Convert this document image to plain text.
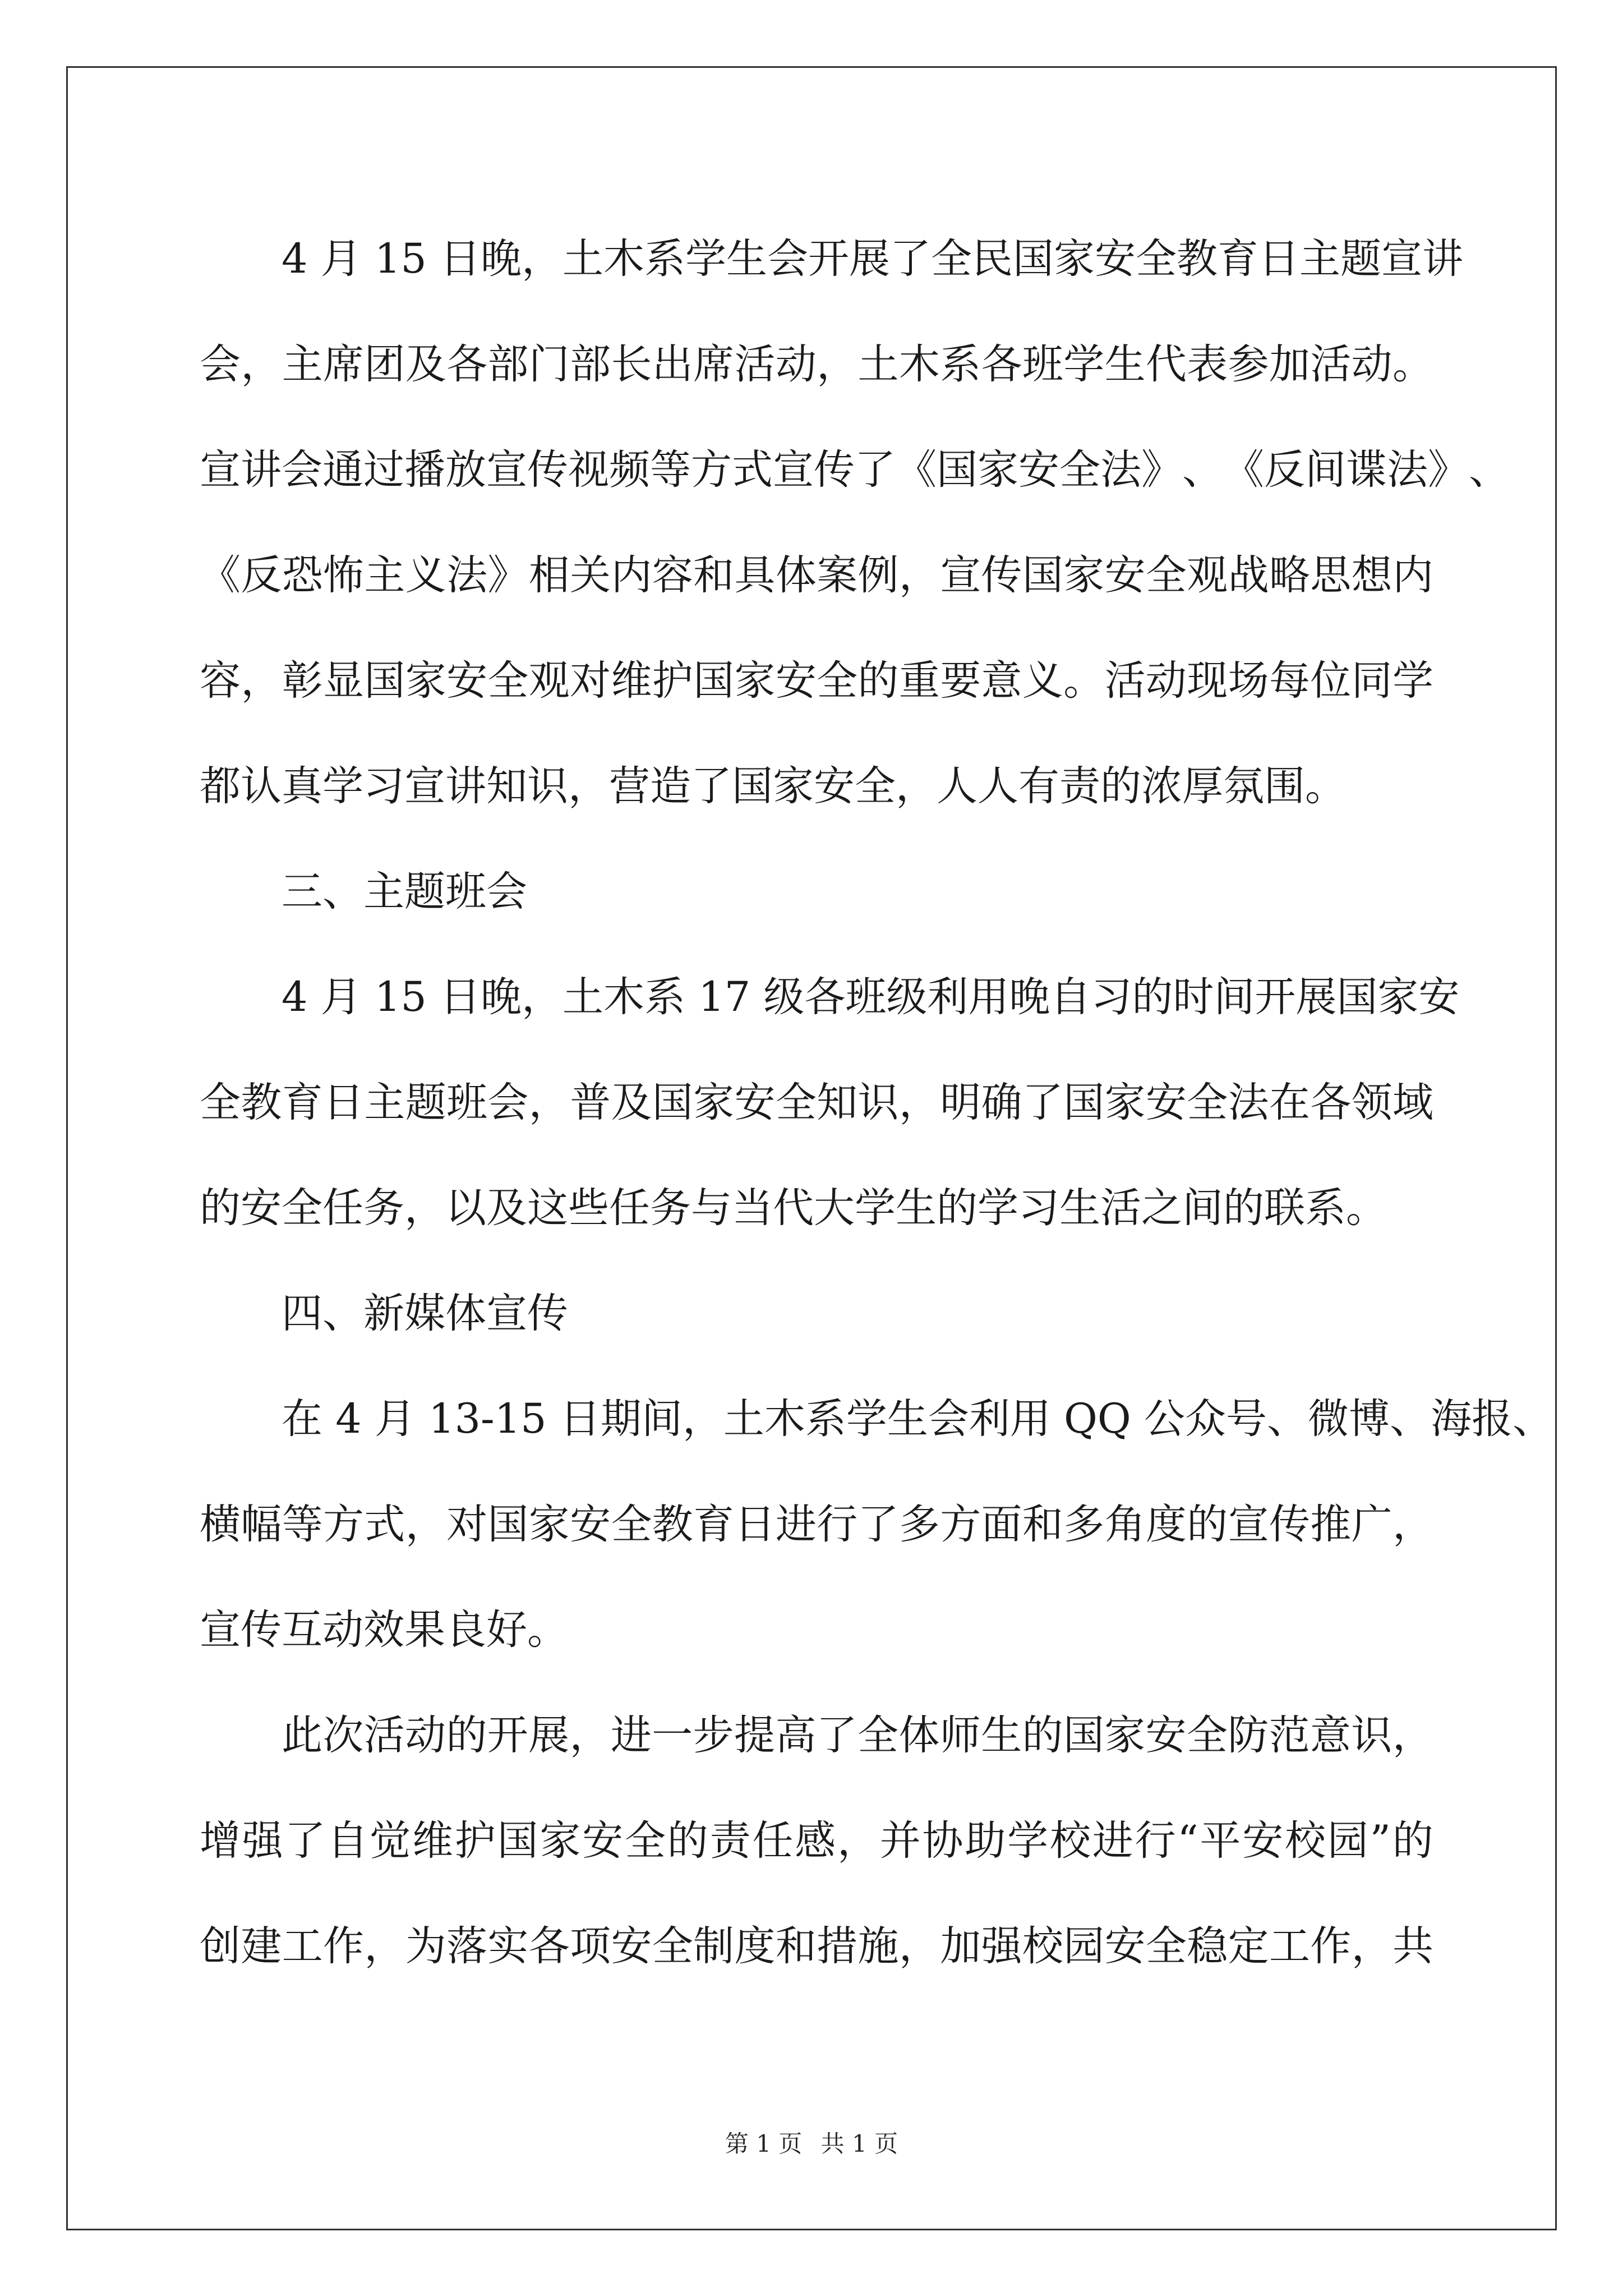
4
月
1 5
日 晚 ， 土 木 系 学 生 会 开 展 了 全 民 国 家 安 全 教 育 日 主 题 宣 讲
会 ， 主 席 团 及 各 部 门 部 长 出 席 活 动 ， 土 木 系 各 班 学 生 代 表 参 加 活 动 。
宣 讲 会 通 过 播 放 宣 传 视 频 等 方 式 宣 传 了 《 国 家 安 全 法 》 、 《 反 间 谍 法 》 、
《 反 恐 怖 主 义 法 》 相 关 内 容 和 具 体 案 例 ， 宣 传 国 家 安 全 观 战 略 思 想 内
容 ， 彰 显 国 家 安 全 观 对 维 护 国 家 安 全 的 重 要 意 义 。 活 动 现 场 每 位 同 学
都认真学习宣讲知识，营造了国家安全，人人有责的浓厚氛围。
三、主题班会
4
月
1 5
日 晚 ， 土 木 系
1 7
级 各 班 级 利 用 晚 自 习 的 时 间 开 展 国 家 安
全 教 育 日 主 题 班 会 ， 普 及 国 家 安 全 知 识 ， 明 确 了 国 家 安 全 法 在 各 领 域
的安全任务，以及这些任务与当代大学生的学习生活之间的联系。
四、新媒体宣传
在
4
月
1 3 - 1 5
日 期 间 ， 土 木 系 学 生 会 利 用
Q Q
公 众 号 、 微 博 、 海 报 、
横 幅 等 方 式 ， 对 国 家 安 全 教 育 日 进 行 了 多 方 面 和 多 角 度 的 宣 传 推 广 ，
宣传互动效果良好。
此 次 活 动 的 开 展 ， 进 一 步 提 高 了 全 体 师 生 的 国 家 安 全 防 范 意 识 ，
增 强 了 自 觉 维 护 国 家 安 全 的 责 任 感 ， 并 协 助 学 校 进 行 “ 平 安 校 园 ” 的
创 建 工 作 ， 为 落 实 各 项 安 全 制 度 和 措 施 ， 加 强 校 园 安 全 稳 定 工 作 ， 共
第 1 页 共 1 页
